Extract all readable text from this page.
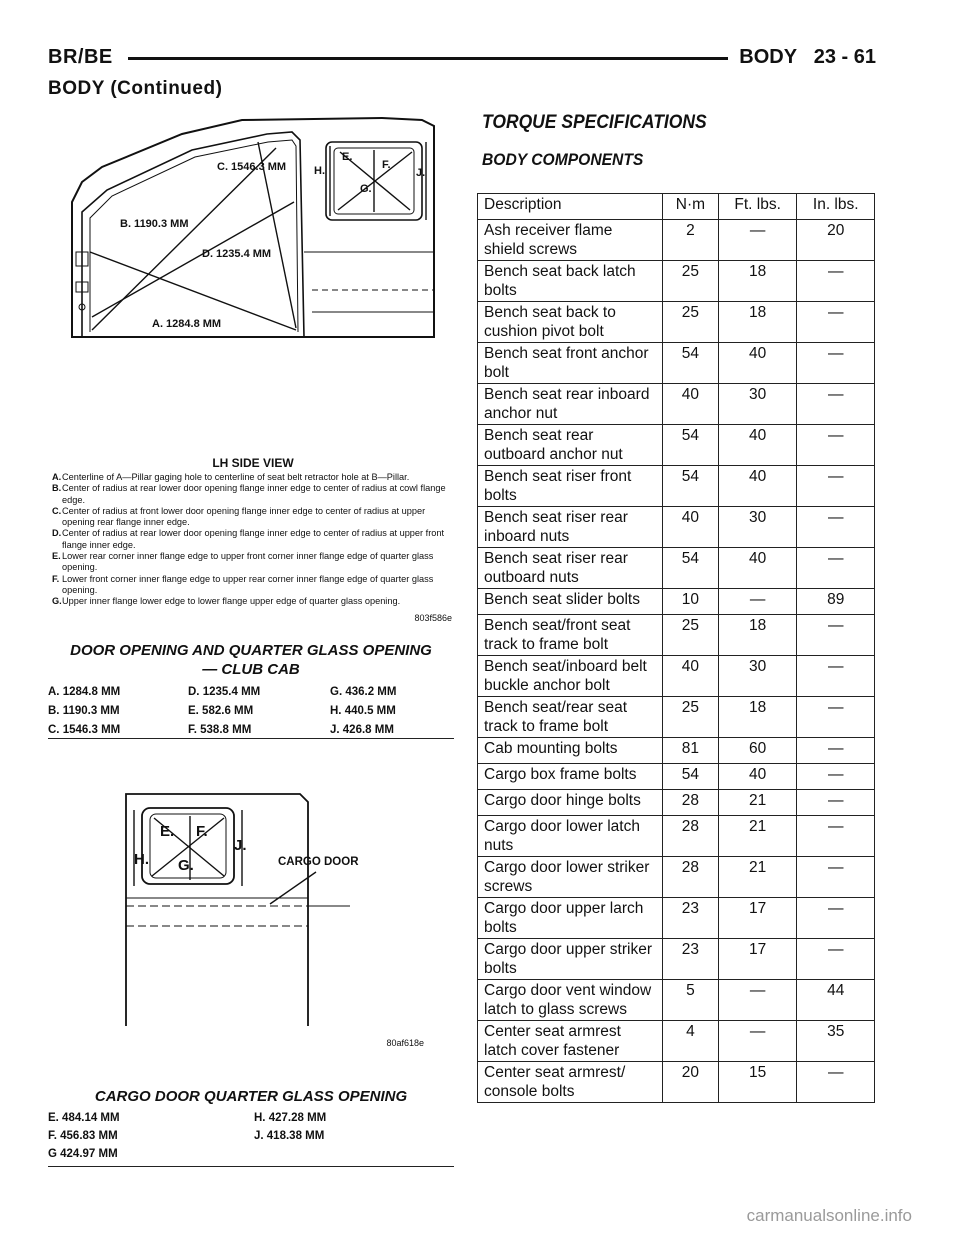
BR/BE	BODY 23 - 61
BODY (Continued)
C. 1546.3 MM
B. 1190.3 MM
D. 1235.4 MM
A. 1284.8 MM
H.
E.
F.
G.
J.
LH SIDE VIEW
A. Centerline of A—Pillar gaging hole to centerline of seat belt retractor hole at B—Pillar.
B. Center of radius at rear lower door opening flange inner edge to center of radius at cowl flange edge.
C. Center of radius at front lower door opening flange inner edge to center of radius at upper opening rear flange inner edge.
D. Center of radius at rear lower door opening flange inner edge to center of radius at upper front flange inner edge.
E. Lower rear corner inner flange edge to upper front corner inner flange edge of quarter glass opening.
F. Lower front corner inner flange edge to upper rear corner inner flange edge of quarter glass opening.
G. Upper inner flange lower edge to lower flange upper edge of quarter glass opening.
803f586e
DOOR OPENING AND QUARTER GLASS OPENING
— CLUB CAB
A. 1284.8 MM	D. 1235.4 MM	G. 436.2 MM
B. 1190.3 MM	E. 582.6 MM	H. 440.5 MM
C. 1546.3 MM	F. 538.8 MM	J. 426.8 MM
E. F.
H. G.
J.
CARGO DOOR
80af618e
CARGO DOOR QUARTER GLASS OPENING
E. 484.14 MM	H. 427.28 MM
F. 456.83 MM	J. 418.38 MM
G 424.97 MM
TORQUE SPECIFICATIONS
BODY COMPONENTS
Description	N·m	Ft. lbs.	In. lbs.
Ash receiver flame shield screws	2	—	20
Bench seat back latch bolts	25	18	—
Bench seat back to cushion pivot bolt	25	18	—
Bench seat front anchor bolt	54	40	—
Bench seat rear inboard anchor nut	40	30	—
Bench seat rear outboard anchor nut	54	40	—
Bench seat riser front bolts	54	40	—
Bench seat riser rear inboard nuts	40	30	—
Bench seat riser rear outboard nuts	54	40	—
Bench seat slider bolts	10	—	89
Bench seat/front seat track to frame bolt	25	18	—
Bench seat/inboard belt buckle anchor bolt	40	30	—
Bench seat/rear seat track to frame bolt	25	18	—
Cab mounting bolts	81	60	—
Cargo box frame bolts	54	40	—
Cargo door hinge bolts	28	21	—
Cargo door lower latch nuts	28	21	—
Cargo door lower striker screws	28	21	—
Cargo door upper larch bolts	23	17	—
Cargo door upper striker bolts	23	17	—
Cargo door vent window latch to glass screws	5	—	44
Center seat armrest latch cover fastener	4	—	35
Center seat armrest/ console bolts	20	15	—
carmanualsonline.info
